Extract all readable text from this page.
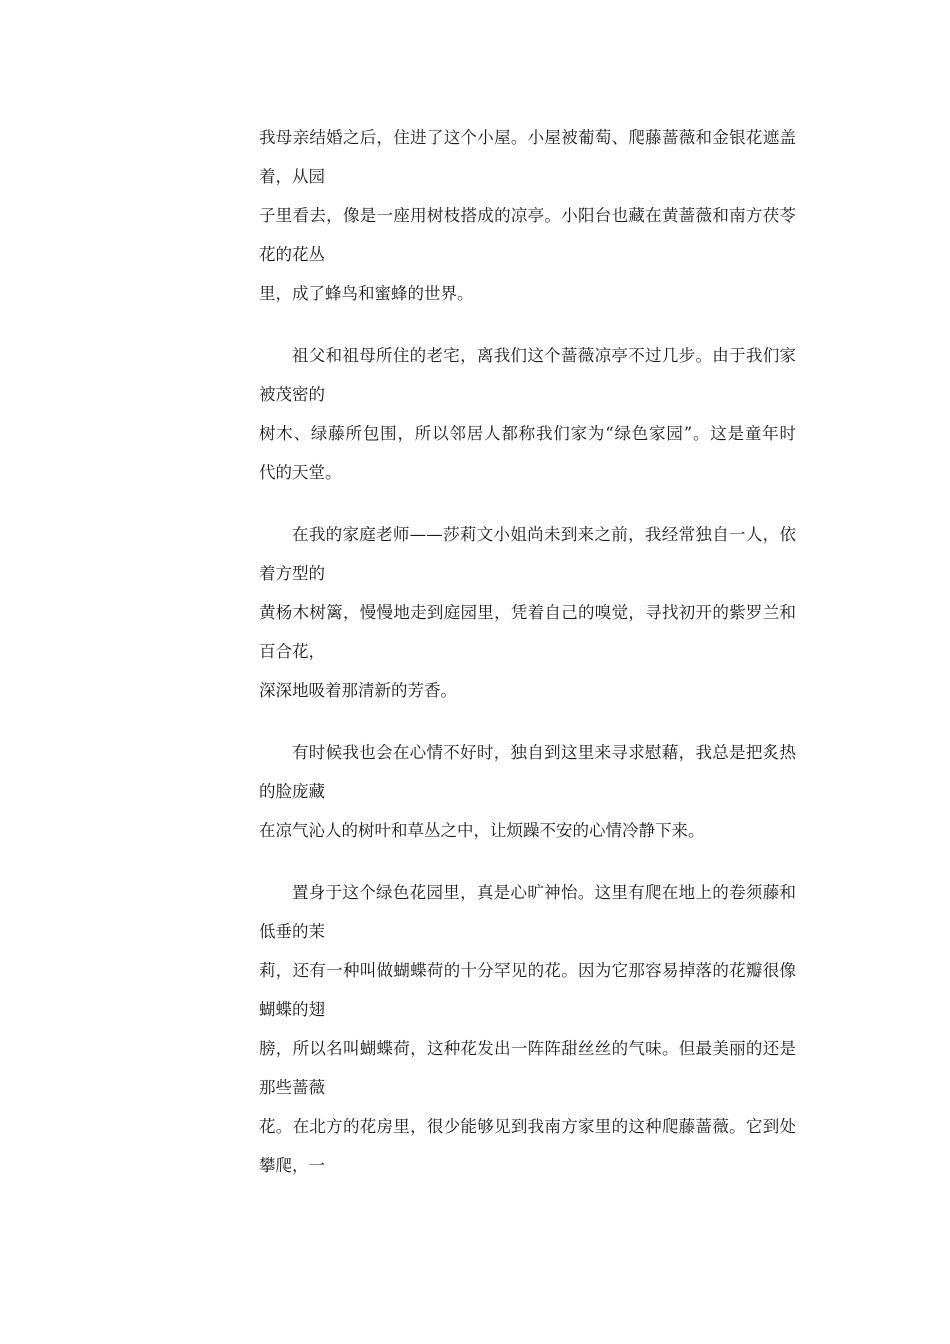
我母亲结婚之后，住进了这个小屋。小屋被葡萄、爬藤蔷薇和金银花遮盖
着，从园
子里看去，像是一座用树枝搭成的凉亭。小阳台也藏在黄蔷薇和南方茯苓
花的花丛
里，成了蜂鸟和蜜蜂的世界。
祖父和祖母所住的老宅，离我们这个蔷薇凉亭不过几步。由于我们家
被茂密的
树木、绿藤所包围，所以邻居人都称我们家为“绿色家园”。这是童年时
代的天堂。
在我的家庭老师——莎莉文小姐尚未到来之前，我经常独自一人，依
着方型的
黄杨木树篱，慢慢地走到庭园里，凭着自己的嗅觉，寻找初开的紫罗兰和
百合花，
深深地吸着那清新的芳香。
有时候我也会在心情不好时，独自到这里来寻求慰藉，我总是把炙热
的脸庞藏
在凉气沁人的树叶和草丛之中，让烦躁不安的心情冷静下来。
置身于这个绿色花园里，真是心旷神怡。这里有爬在地上的卷须藤和
低垂的茉
莉，还有一种叫做蝴蝶荷的十分罕见的花。因为它那容易掉落的花瓣很像
蝴蝶的翅
膀，所以名叫蝴蝶荷，这种花发出一阵阵甜丝丝的气味。但最美丽的还是
那些蔷薇
花。在北方的花房里，很少能够见到我南方家里的这种爬藤蔷薇。它到处
攀爬，一
